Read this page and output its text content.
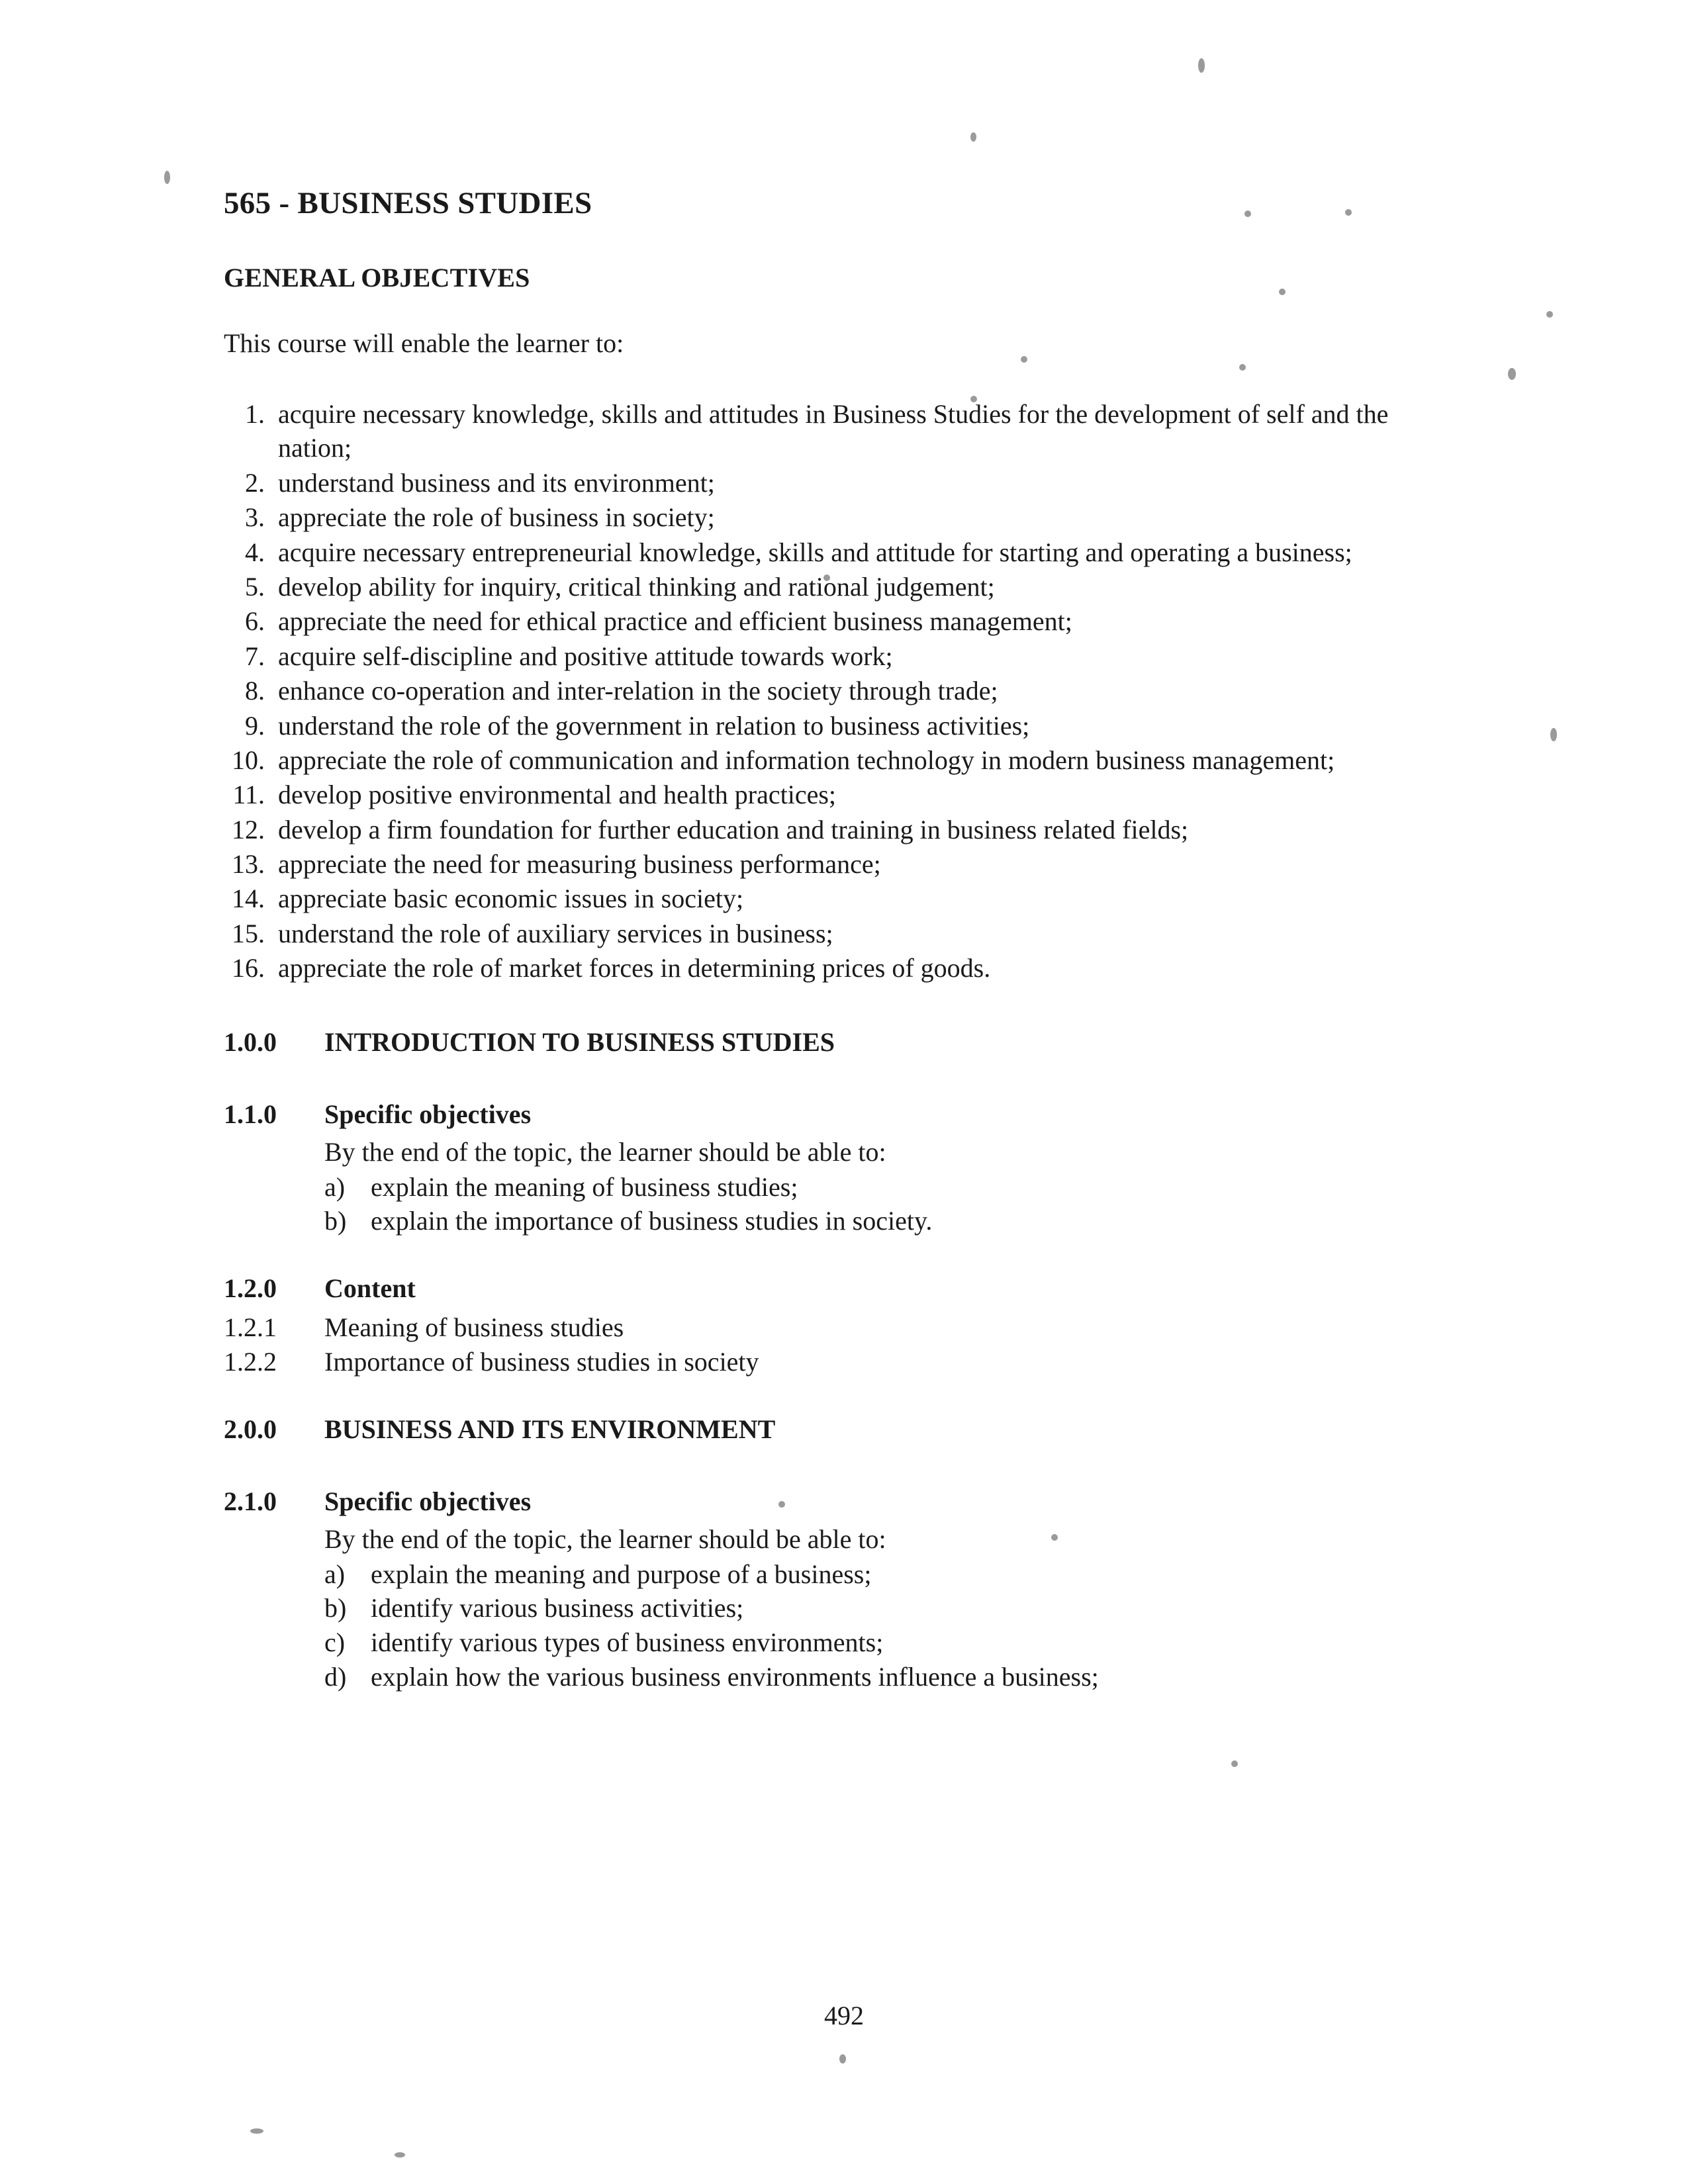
565 - BUSINESS STUDIES
GENERAL OBJECTIVES

This course will enable the learner to:

1. acquire necessary knowledge, skills and attitudes in Business Studies for the development of self and the nation;
2. understand business and its environment;
3. appreciate the role of business in society;
4. acquire necessary entrepreneurial knowledge, skills and attitude for starting and operating a business;
5. develop ability for inquiry, critical thinking and rational judgement;
6. appreciate the need for ethical practice and efficient business management;
7. acquire self-discipline and positive attitude towards work;
8. enhance co-operation and inter-relation in the society through trade;
9. understand the role of the government in relation to business activities;
10. appreciate the role of communication and information technology in modern business management;
11. develop positive environmental and health practices;
12. develop a firm foundation for further education and training in business related fields;
13. appreciate the need for measuring business performance;
14. appreciate basic economic issues in society;
15. understand the role of auxiliary services in business;
16. appreciate the role of market forces in determining prices of goods.
1.0.0	INTRODUCTION TO BUSINESS STUDIES
1.1.0	Specific objectives

By the end of the topic, the learner should be able to:

a) explain the meaning of business studies;
b) explain the importance of business studies in society.
1.2.0	Content
1.2.1	Meaning of business studies
1.2.2	Importance of business studies in society
2.0.0	BUSINESS AND ITS ENVIRONMENT
2.1.0	Specific objectives

By the end of the topic, the learner should be able to:

a) explain the meaning and purpose of a business;
b) identify various business activities;
c) identify various types of business environments;
d) explain how the various business environments influence a business;
492
